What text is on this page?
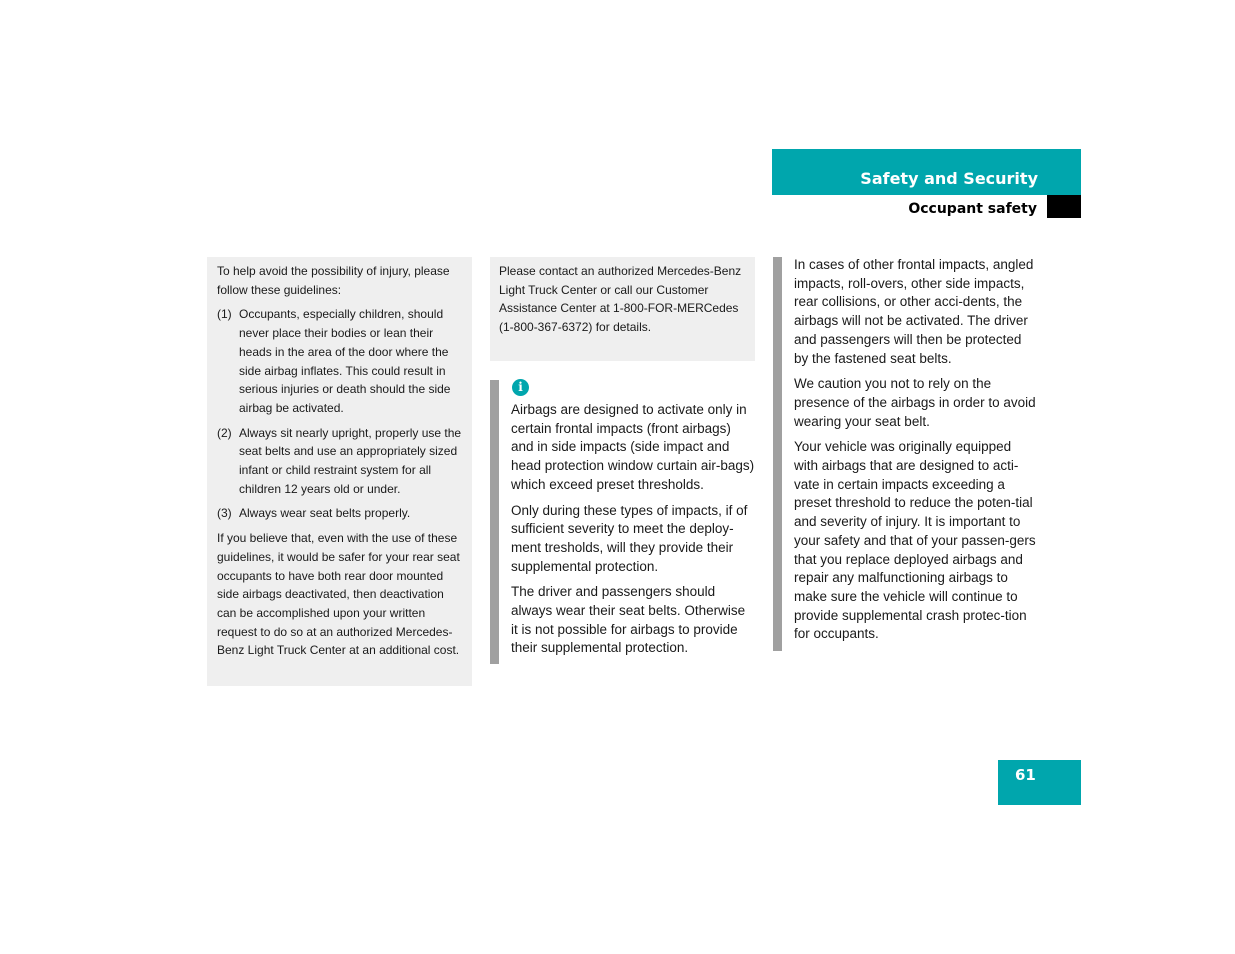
Safety and Security
Occupant safety

To help avoid the possibility of injury, please follow these guidelines:

(1) Occupants, especially children, should never place their bodies or lean their heads in the area of the door where the side airbag inflates. This could result in serious injuries or death should the side airbag be activated.
(2) Always sit nearly upright, properly use the seat belts and use an appropriately sized infant or child restraint system for all children 12 years old or under.
(3) Always wear seat belts properly.

If you believe that, even with the use of these guidelines, it would be safer for your rear seat occupants to have both rear door mounted side airbags deactivated, then deactivation can be accomplished upon your written request to do so at an authorized Mercedes-Benz Light Truck Center at an additional cost.

Please contact an authorized Mercedes-Benz Light Truck Center or call our Customer Assistance Center at 1-800-FOR-MERCedes (1-800-367-6372) for details.

i

Airbags are designed to activate only in certain frontal impacts (front airbags) and in side impacts (side impact and head protection window curtain air-bags) which exceed preset thresholds.

Only during these types of impacts, if of sufficient severity to meet the deploy-ment tresholds, will they provide their supplemental protection.

The driver and passengers should always wear their seat belts. Otherwise it is not possible for airbags to provide their supplemental protection.

In cases of other frontal impacts, angled impacts, roll-overs, other side impacts, rear collisions, or other acci-dents, the airbags will not be activated. The driver and passengers will then be protected by the fastened seat belts.

We caution you not to rely on the presence of the airbags in order to avoid wearing your seat belt.

Your vehicle was originally equipped with airbags that are designed to acti-vate in certain impacts exceeding a preset threshold to reduce the poten-tial and severity of injury. It is important to your safety and that of your passen-gers that you replace deployed airbags and repair any malfunctioning airbags to make sure the vehicle will continue to provide supplemental crash protec-tion for occupants.

61
